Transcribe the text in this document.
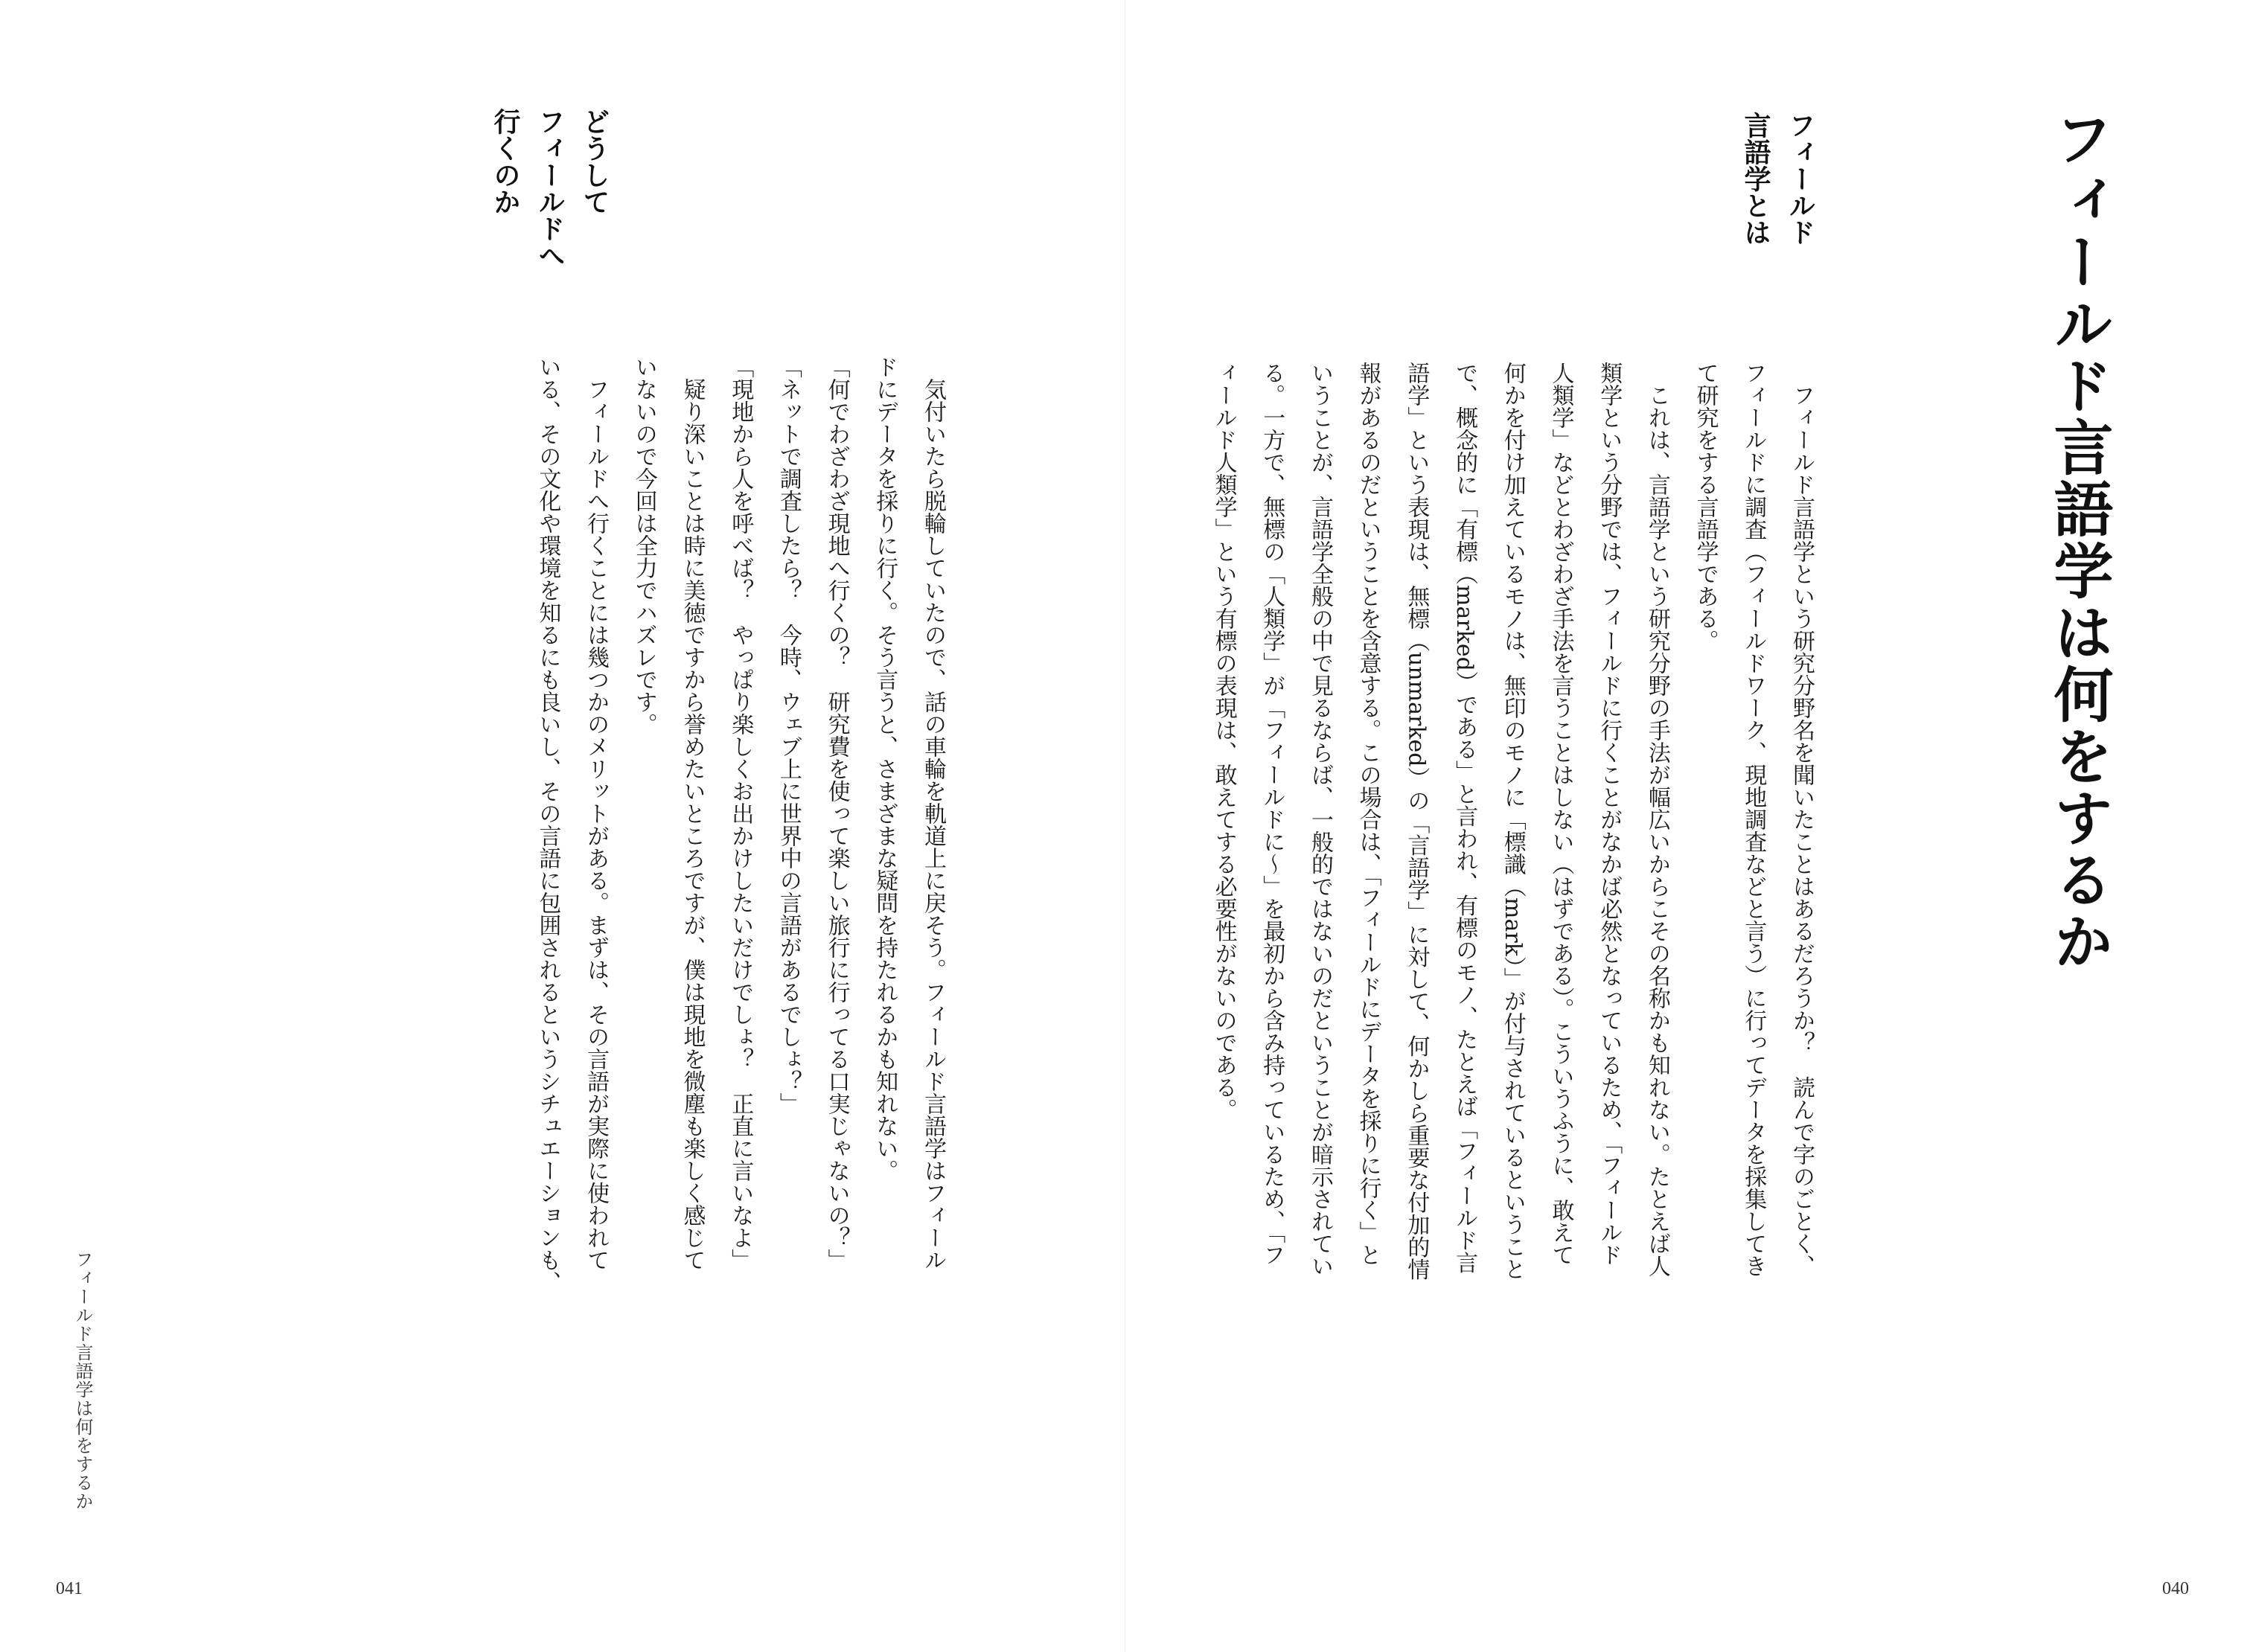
フィールド言語学は何をするか
フィールド
言語学とは
　フィールド言語学という研究分野名を聞いたことはあるだろうか？　読んで字のごとく、
フィールドに調査（フィールドワーク、現地調査などと言う）に行ってデータを採集してき
て研究をする言語学である。
　これは、言語学という研究分野の手法が幅広いからこその名称かも知れない。たとえば人
類学という分野では、フィールドに行くことがなかば必然となっているため、「フィールド
人類学」などとわざわざ手法を言うことはしない（はずである）。こういうふうに、敢えて
何かを付け加えているモノは、無印のモノに「標識（mark）」が付与されているということ
で、概念的に「有標（marked）である」と言われ、有標のモノ、たとえば「フィールド言
語学」という表現は、無標（unmarked）の「言語学」に対して、何かしら重要な付加的情
報があるのだということを含意する。この場合は、「フィールドにデータを採りに行く」と
いうことが、言語学全般の中で見るならば、一般的ではないのだということが暗示されてい
る。一方で、無標の「人類学」が「フィールドに～」を最初から含み持っているため、「フ
ィールド人類学」という有標の表現は、敢えてする必要性がないのである。
どうして
フィールドへ
行くのか
　気付いたら脱輪していたので、話の車輪を軌道上に戻そう。フィールド言語学はフィール
ドにデータを採りに行く。そう言うと、さまざまな疑問を持たれるかも知れない。
「何でわざわざ現地へ行くの？　研究費を使って楽しい旅行に行ってる口実じゃないの？」
「ネットで調査したら？　今時、ウェブ上に世界中の言語があるでしょ？」
「現地から人を呼べば？　やっぱり楽しくお出かけしたいだけでしょ？　正直に言いなよ」
　疑り深いことは時に美徳ですから誉めたいところですが、僕は現地を微塵も楽しく感じて
いないので今回は全力でハズレです。
　フィールドへ行くことには幾つかのメリットがある。まずは、その言語が実際に使われて
いる、その文化や環境を知るにも良いし、その言語に包囲されるというシチュエーションも、
フィールド言語学は何をするか
040
041
